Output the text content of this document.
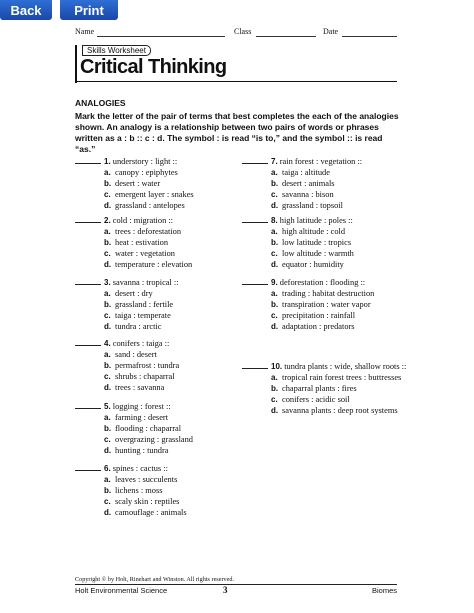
Back	Print
Name	Class	Date
Skills Worksheet
Critical Thinking
ANALOGIES
Mark the letter of the pair of terms that best completes the each of the analogies shown. An analogy is a relationship between two pairs of words or phrases written as a : b :: c : d. The symbol : is read “is to,” and the symbol :: is read “as.”
1. understory : light ::
a. canopy : epiphytes
b. desert : water
c. emergent layer : snakes
d. grassland : antelopes
2. cold : migration ::
a. trees : deforestation
b. heat : estivation
c. water : vegetation
d. temperature : elevation
3. savanna : tropical ::
a. desert : dry
b. grassland : fertile
c. taiga : temperate
d. tundra : arctic
4. conifers : taiga ::
a. sand : desert
b. permafrost : tundra
c. shrubs : chaparral
d. trees : savanna
5. logging : forest ::
a. farming : desert
b. flooding : chaparral
c. overgrazing : grassland
d. hunting : tundra
6. spines : cactus ::
a. leaves : succulents
b. lichens : moss
c. scaly skin : reptiles
d. camouflage : animals
7. rain forest : vegetation ::
a. taiga : altitude
b. desert : animals
c. savanna : bison
d. grassland : topsoil
8. high latitude : poles ::
a. high altitude : cold
b. low latitude : tropics
c. low altitude : warmth
d. equator : humidity
9. deforestation : flooding ::
a. trading : habitat destruction
b. transpiration : water vapor
c. precipitation : rainfall
d. adaptation : predators
10. tundra plants : wide, shallow roots ::
a. tropical rain forest trees : buttresses
b. chaparral plants : fires
c. conifers : acidic soil
d. savanna plants : deep root systems
Copyright © by Holt, Rinehart and Winston. All rights reserved.
Holt Environmental Science	3	Biomes
